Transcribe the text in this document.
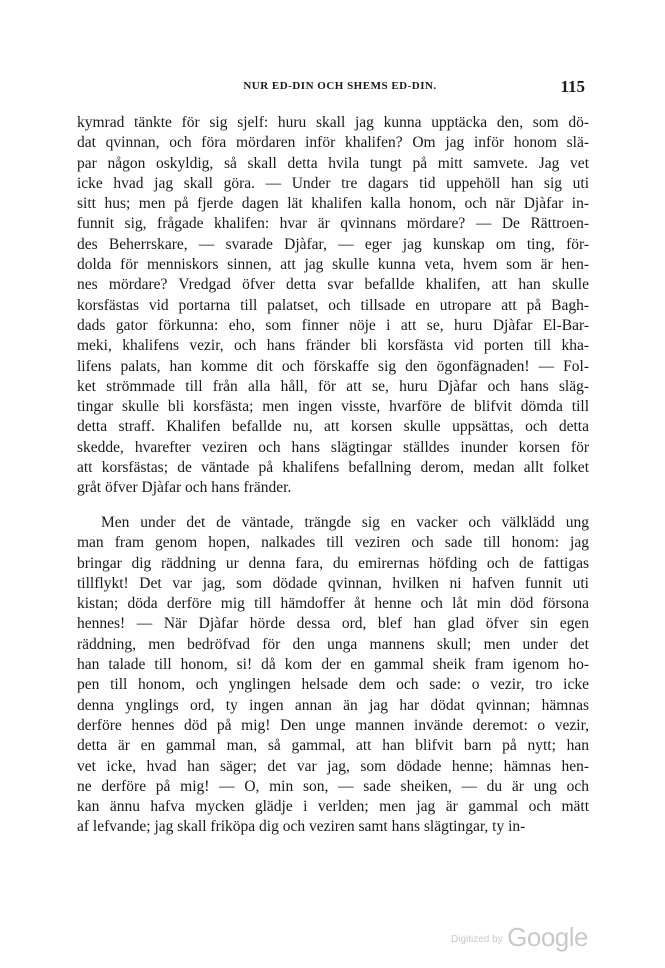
NUR ED-DIN OCH SHEMS ED-DIN.	115
kymrad tänkte för sig sjelf: huru skall jag kunna upptäcka den, som dö-
dat qvinnan, och föra mördaren inför khalifen? Om jag inför honom slä-
par någon oskyldig, så skall detta hvila tungt på mitt samvete. Jag vet
icke hvad jag skall göra. — Under tre dagars tid uppehöll han sig uti
sitt hus; men på fjerde dagen lät khalifen kalla honom, och när Djàfar in-
funnit sig, frågade khalifen: hvar är qvinnans mördare? — De Rättroen-
des Beherrskare, — svarade Djàfar, — eger jag kunskap om ting, för-
dolda för menniskors sinnen, att jag skulle kunna veta, hvem som är hen-
nes mördare? Vredgad öfver detta svar befallde khalifen, att han skulle
korsfästas vid portarna till palatset, och tillsade en utropare att på Bagh-
dads gator förkunna: eho, som finner nöje i att se, huru Djàfar El-Bar-
meki, khalifens vezir, och hans fränder bli korsfästa vid porten till kha-
lifens palats, han komme dit och förskaffe sig den ögonfägnaden! — Fol-
ket strömmade till från alla håll, för att se, huru Djàfar och hans släg-
tingar skulle bli korsfästa; men ingen visste, hvarföre de blifvit dömda till
detta straff. Khalifen befallde nu, att korsen skulle uppsättas, och detta
skedde, hvarefter veziren och hans slägtingar ställdes inunder korsen för
att korsfästas; de väntade på khalifens befallning derom, medan allt folket
gråt öfver Djàfar och hans fränder.
Men under det de väntade, trängde sig en vacker och välklädd ung
man fram genom hopen, nalkades till veziren och sade till honom: jag
bringar dig räddning ur denna fara, du emirernas höfding och de fattigas
tillflykt! Det var jag, som dödade qvinnan, hvilken ni hafven funnit uti
kistan; döda derföre mig till hämdoffer åt henne och låt min död försona
hennes! — När Djàfar hörde dessa ord, blef han glad öfver sin egen
räddning, men bedröfvad för den unga mannens skull; men under det
han talade till honom, si! då kom der en gammal sheik fram igenom ho-
pen till honom, och ynglingen helsade dem och sade: o vezir, tro icke
denna ynglings ord, ty ingen annan än jag har dödat qvinnan; hämnas
derföre hennes död på mig! Den unge mannen invände deremot: o vezir,
detta är en gammal man, så gammal, att han blifvit barn på nytt; han
vet icke, hvad han säger; det var jag, som dödade henne; hämnas hen-
ne derföre på mig! — O, min son, — sade sheiken, — du är ung och
kan ännu hafva mycken glädje i verlden; men jag är gammal och mätt
af lefvande; jag skall friköpa dig och veziren samt hans slägtingar, ty in-
$^{Digitized by}$ Google
